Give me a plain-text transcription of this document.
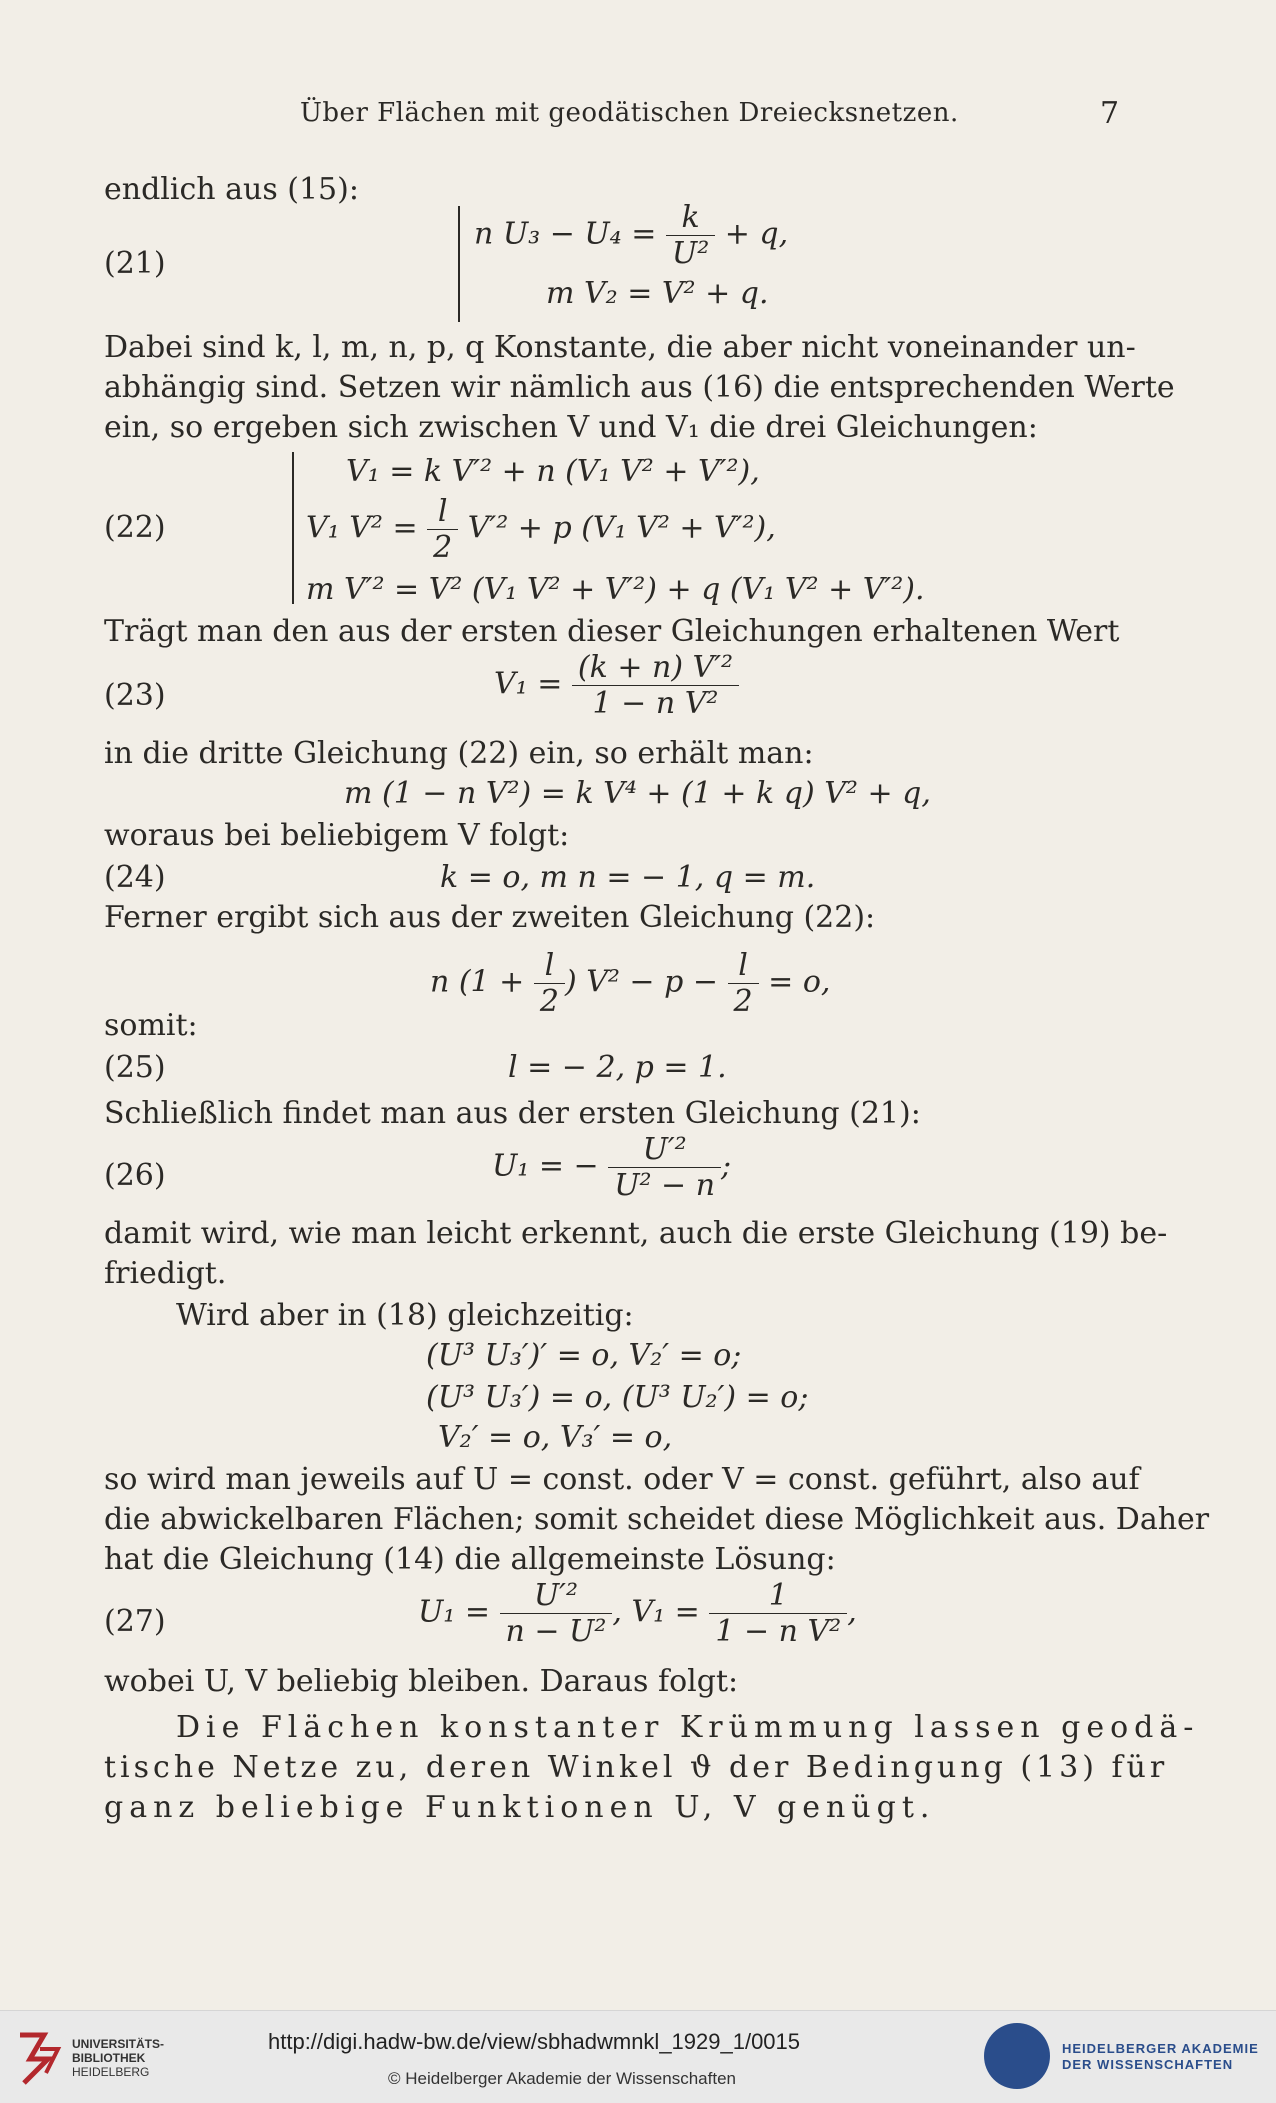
Über Flächen mit geodätischen Dreiecksnetzen.	7
endlich aus (15):
(21)
n $U_3 - U_4 = \frac{k}{\text{U²}} + q$,
m V₂ = V² + q.
Dabei sind k, l, m, n, p, q Konstante, die aber nicht voneinander un-
abhängig sind. Setzen wir nämlich aus (16) die entsprechenden Werte
ein, so ergeben sich zwischen V und V₁ die drei Gleichungen:
(22)
V₁ = k V′² + n (V₁ V² + V′²),
V₁ $V^2 = \frac{l}{2} V'^2 + p$ (V₁ V² + V′²),
m V′² = V² (V₁ V² + V′²) + q (V₁ V² + V′²).
Trägt man den aus der ersten dieser Gleichungen erhaltenen Wert
(23)	$V_1 = \frac{\text{(k + n) V′²}}{\text{1 − n V²}}$
in die dritte Gleichung (22) ein, so erhält man:
m (1 − n V²) = k V⁴ + (1 + k q) V² + q,
woraus bei beliebigem V folgt:
(24)	k = o, m n = − 1, q = m.
Ferner ergibt sich aus der zweiten Gleichung (22):
n ($1 + \frac{l}{2}$ ) $V^2 - p - \frac{l}{2} = o$,
somit:
(25)	l = − 2, p = 1.
Schließlich findet man aus der ersten Gleichung (21):
(26)	U₁ = − $\frac{\text{U′²}}{\text{U² − n}}$ ;
damit wird, wie man leicht erkennt, auch die erste Gleichung (19) be-
friedigt.
Wird aber in (18) gleichzeitig:
(U³ U₃′)′ = o, V₂′ = o;
(U³ U₃′) = o, (U³ U₂′) = o;
V₂′ = o, V₃′ = o,
so wird man jeweils auf U = const. oder V = const. geführt, also auf
die abwickelbaren Flächen; somit scheidet diese Möglichkeit aus. Daher
hat die Gleichung (14) die allgemeinste Lösung:
(27)	$U_1 = \frac{\text{U′²}}{\text{n − U²}}$ , $V_1 = \frac{1}{\text{1 − n V²}}$ ,
wobei U, V beliebig bleiben. Daraus folgt:
Die Flächen konstanter Krümmung lassen geodä-
tische Netze zu, deren Winkel ϑ der Bedingung (13) für
ganz beliebige Funktionen U, V genügt.
UNIVERSITÄTS-
BIBLIOTHEK
HEIDELBERG
http://digi.hadw-bw.de/view/sbhadwmnkl_1929_1/0015
© Heidelberger Akademie der Wissenschaften
HEIDELBERGER AKADEMIE
DER WISSENSCHAFTEN
